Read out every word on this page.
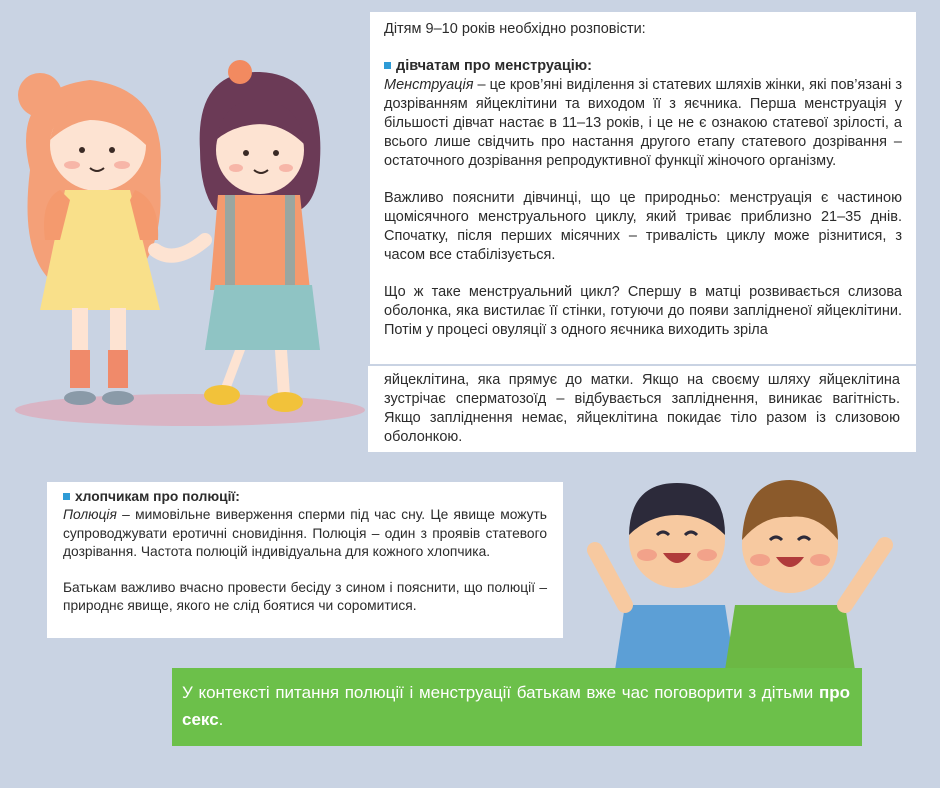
Дітям 9–10 років необхідно розповісти:

дівчатам про менструацію:

Менструація – це кров’яні виділення зі статевих шляхів жінки, які пов’язані з дозріванням яйцеклітини та виходом її з яєчника. Перша менструація у більшості дівчат настає в 11–13 років, і це не є ознакою статевої зрілості, а всього лише свідчить про настання другого етапу статевого дозрівання – остаточного дозрівання репродуктивної функції жіночого організму.

Важливо пояснити дівчинці, що це природньо: менструація є частиною щомісячного менструального циклу, який триває приблизно 21–35 днів. Спочатку, після перших місячних – тривалість циклу може різнитися, з часом все стабілізується.

Що ж таке менструальний цикл? Спершу в матці розвивається слизова оболонка, яка вистилає її стінки, готуючи до появи заплідненої яйцеклітини. Потім у процесі овуляції з одного яєчника виходить зріла

яйцеклітина, яка прямує до матки. Якщо на своєму шляху яйцеклітина зустрічає сперматозоїд – відбувається запліднення, виникає вагітність. Якщо запліднення немає, яйцеклітина покидає тіло разом із слизовою оболонкою.

хлопчикам про полюції:

Полюція – мимовільне виверження сперми під час сну. Це явище можуть супроводжувати еротичні сновидіння. Полюція – один з проявів статевого дозрівання. Частота полюцій індивідуальна для кожного хлопчика.

Батькам важливо вчасно провести бесіду з сином і пояснити, що полюції – природнє явище, якого не слід боятися чи соромитися.

У контексті питання полюції і менструації батькам вже час поговорити з дітьми про секс.
